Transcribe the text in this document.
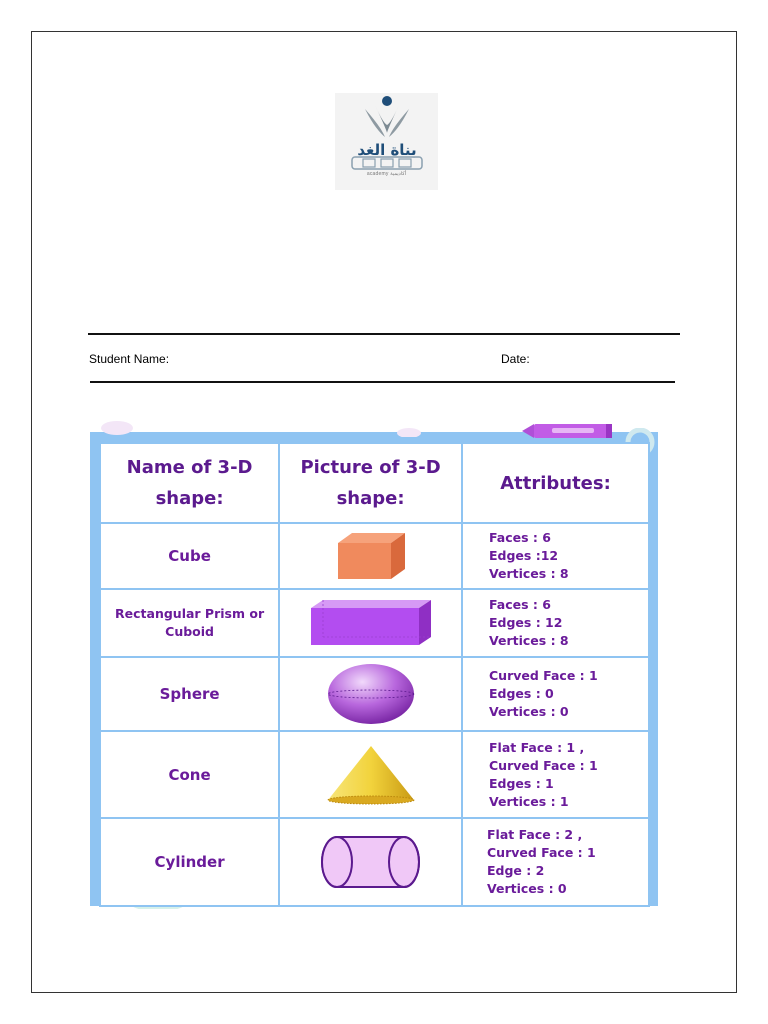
بناة الغد
academy أكاديمية
Student Name:	Date:
Name of 3-D shape:	Picture of 3-D shape:	Attributes:
Cube		Faces : 6
Edges :12
Vertices : 8

Rectangular Prism or Cuboid		Faces : 6
Edges : 12
Vertices : 8

Sphere		Curved Face : 1
Edges : 0
Vertices : 0

Cone		Flat Face : 1 ,
Curved Face : 1
Edges : 1
Vertices : 1

Cylinder		Flat Face : 2 ,
Curved Face : 1
Edge : 2
Vertices : 0
